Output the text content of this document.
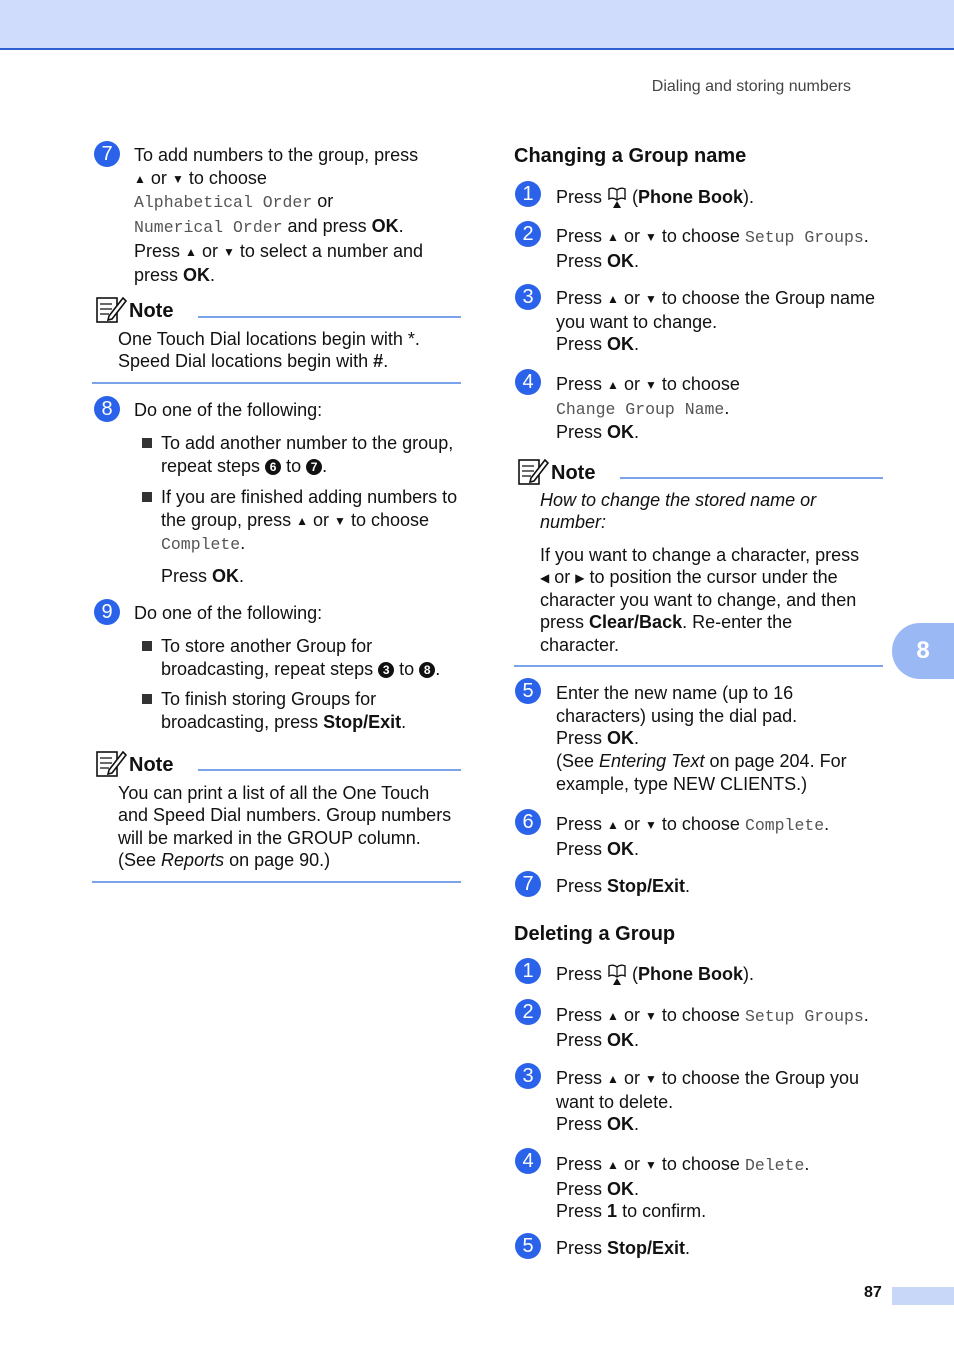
Dialing and storing numbers
7	To add numbers to the group, press
▲ or ▼ to choose
Alphabetical Order or
Numerical Order and press OK.
Press ▲ or ▼ to select a number and
press OK.
Note
One Touch Dial locations begin with *.
Speed Dial locations begin with #.
8	Do one of the following:
To add another number to the group,
repeat steps 6 to 7 .
If you are finished adding numbers to
the group, press ▲ or ▼ to choose
Complete.
Press OK.
9	Do one of the following:
To store another Group for
broadcasting, repeat steps 3 to 8 .
To finish storing Groups for
broadcasting, press Stop/Exit.
Note
You can print a list of all the One Touch
and Speed Dial numbers. Group numbers
will be marked in the GROUP column.
(See Reports on page 90.)
Changing a Group name
1	Press  (Phone Book).
2	Press ▲ or ▼ to choose Setup Groups.
Press OK.
3	Press ▲ or ▼ to choose the Group name
you want to change.
Press OK.
4	Press ▲ or ▼ to choose
Change Group Name.
Press OK.
Note
How to change the stored name or
number:
If you want to change a character, press
◀ or ▶ to position the cursor under the
character you want to change, and then
press Clear/Back. Re-enter the
character.
5	Enter the new name (up to 16
characters) using the dial pad.
Press OK.
(See Entering Text on page 204. For
example, type NEW CLIENTS.)
6	Press ▲ or ▼ to choose Complete.
Press OK.
7	Press Stop/Exit.
Deleting a Group
1	Press  (Phone Book).
2	Press ▲ or ▼ to choose Setup Groups.
Press OK.
3	Press ▲ or ▼ to choose the Group you
want to delete.
Press OK.
4	Press ▲ or ▼ to choose Delete.
Press OK.
Press 1 to confirm.
5	Press Stop/Exit.
8
87
